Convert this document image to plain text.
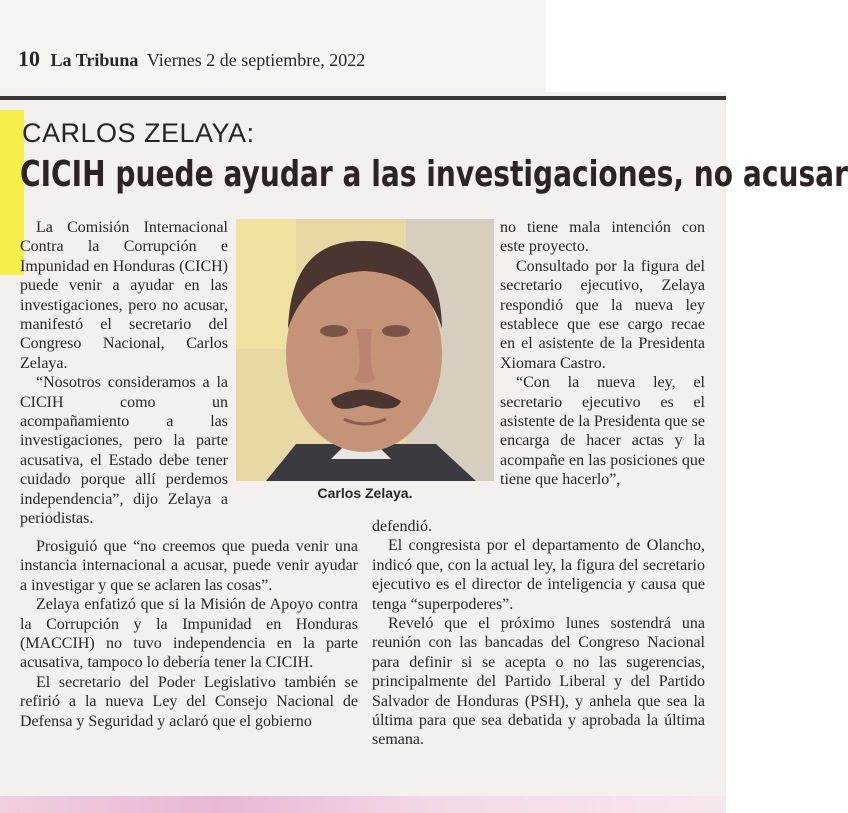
10 La Tribuna Viernes 2 de septiembre, 2022
CARLOS ZELAYA:
CICIH puede ayudar a las investigaciones, no acusar

La Comisión Internacional Contra la Corrupción e Impunidad en Honduras (CICH) puede venir a ayudar en las investigaciones, pero no acusar, manifestó el secretario del Congreso Nacional, Carlos Zelaya.

“Nosotros consideramos a la CICIH como un acompañamiento a las investigaciones, pero la parte acusativa, el Estado debe tener cuidado porque allí perdemos independencia”, dijo Zelaya a periodistas.

Carlos Zelaya.

no tiene mala intención con este proyecto.

Consultado por la figura del secretario ejecutivo, Zelaya respondió que la nueva ley establece que ese cargo recae en el asistente de la Presidenta Xiomara Castro.

“Con la nueva ley, el secretario ejecutivo es el asistente de la Presidenta que se encarga de hacer actas y la acompañe en las posiciones que tiene que hacerlo”,

Prosiguió que “no creemos que pueda venir una instancia internacional a acusar, puede venir ayudar a investigar y que se aclaren las cosas”.

Zelaya enfatizó que si la Misión de Apoyo contra la Corrupción y la Impunidad en Honduras (MACCIH) no tuvo independencia en la parte acusativa, tampoco lo debería tener la CICIH.

El secretario del Poder Legislativo también se refirió a la nueva Ley del Consejo Nacional de Defensa y Seguridad y aclaró que el gobierno

defendió.

El congresista por el departamento de Olancho, indicó que, con la actual ley, la figura del secretario ejecutivo es el director de inteligencia y causa que tenga “superpoderes”.

Reveló que el próximo lunes sostendrá una reunión con las bancadas del Congreso Nacional para definir si se acepta o no las sugerencias, principalmente del Partido Liberal y del Partido Salvador de Honduras (PSH), y anhela que sea la última para que sea debatida y aprobada la última semana.
